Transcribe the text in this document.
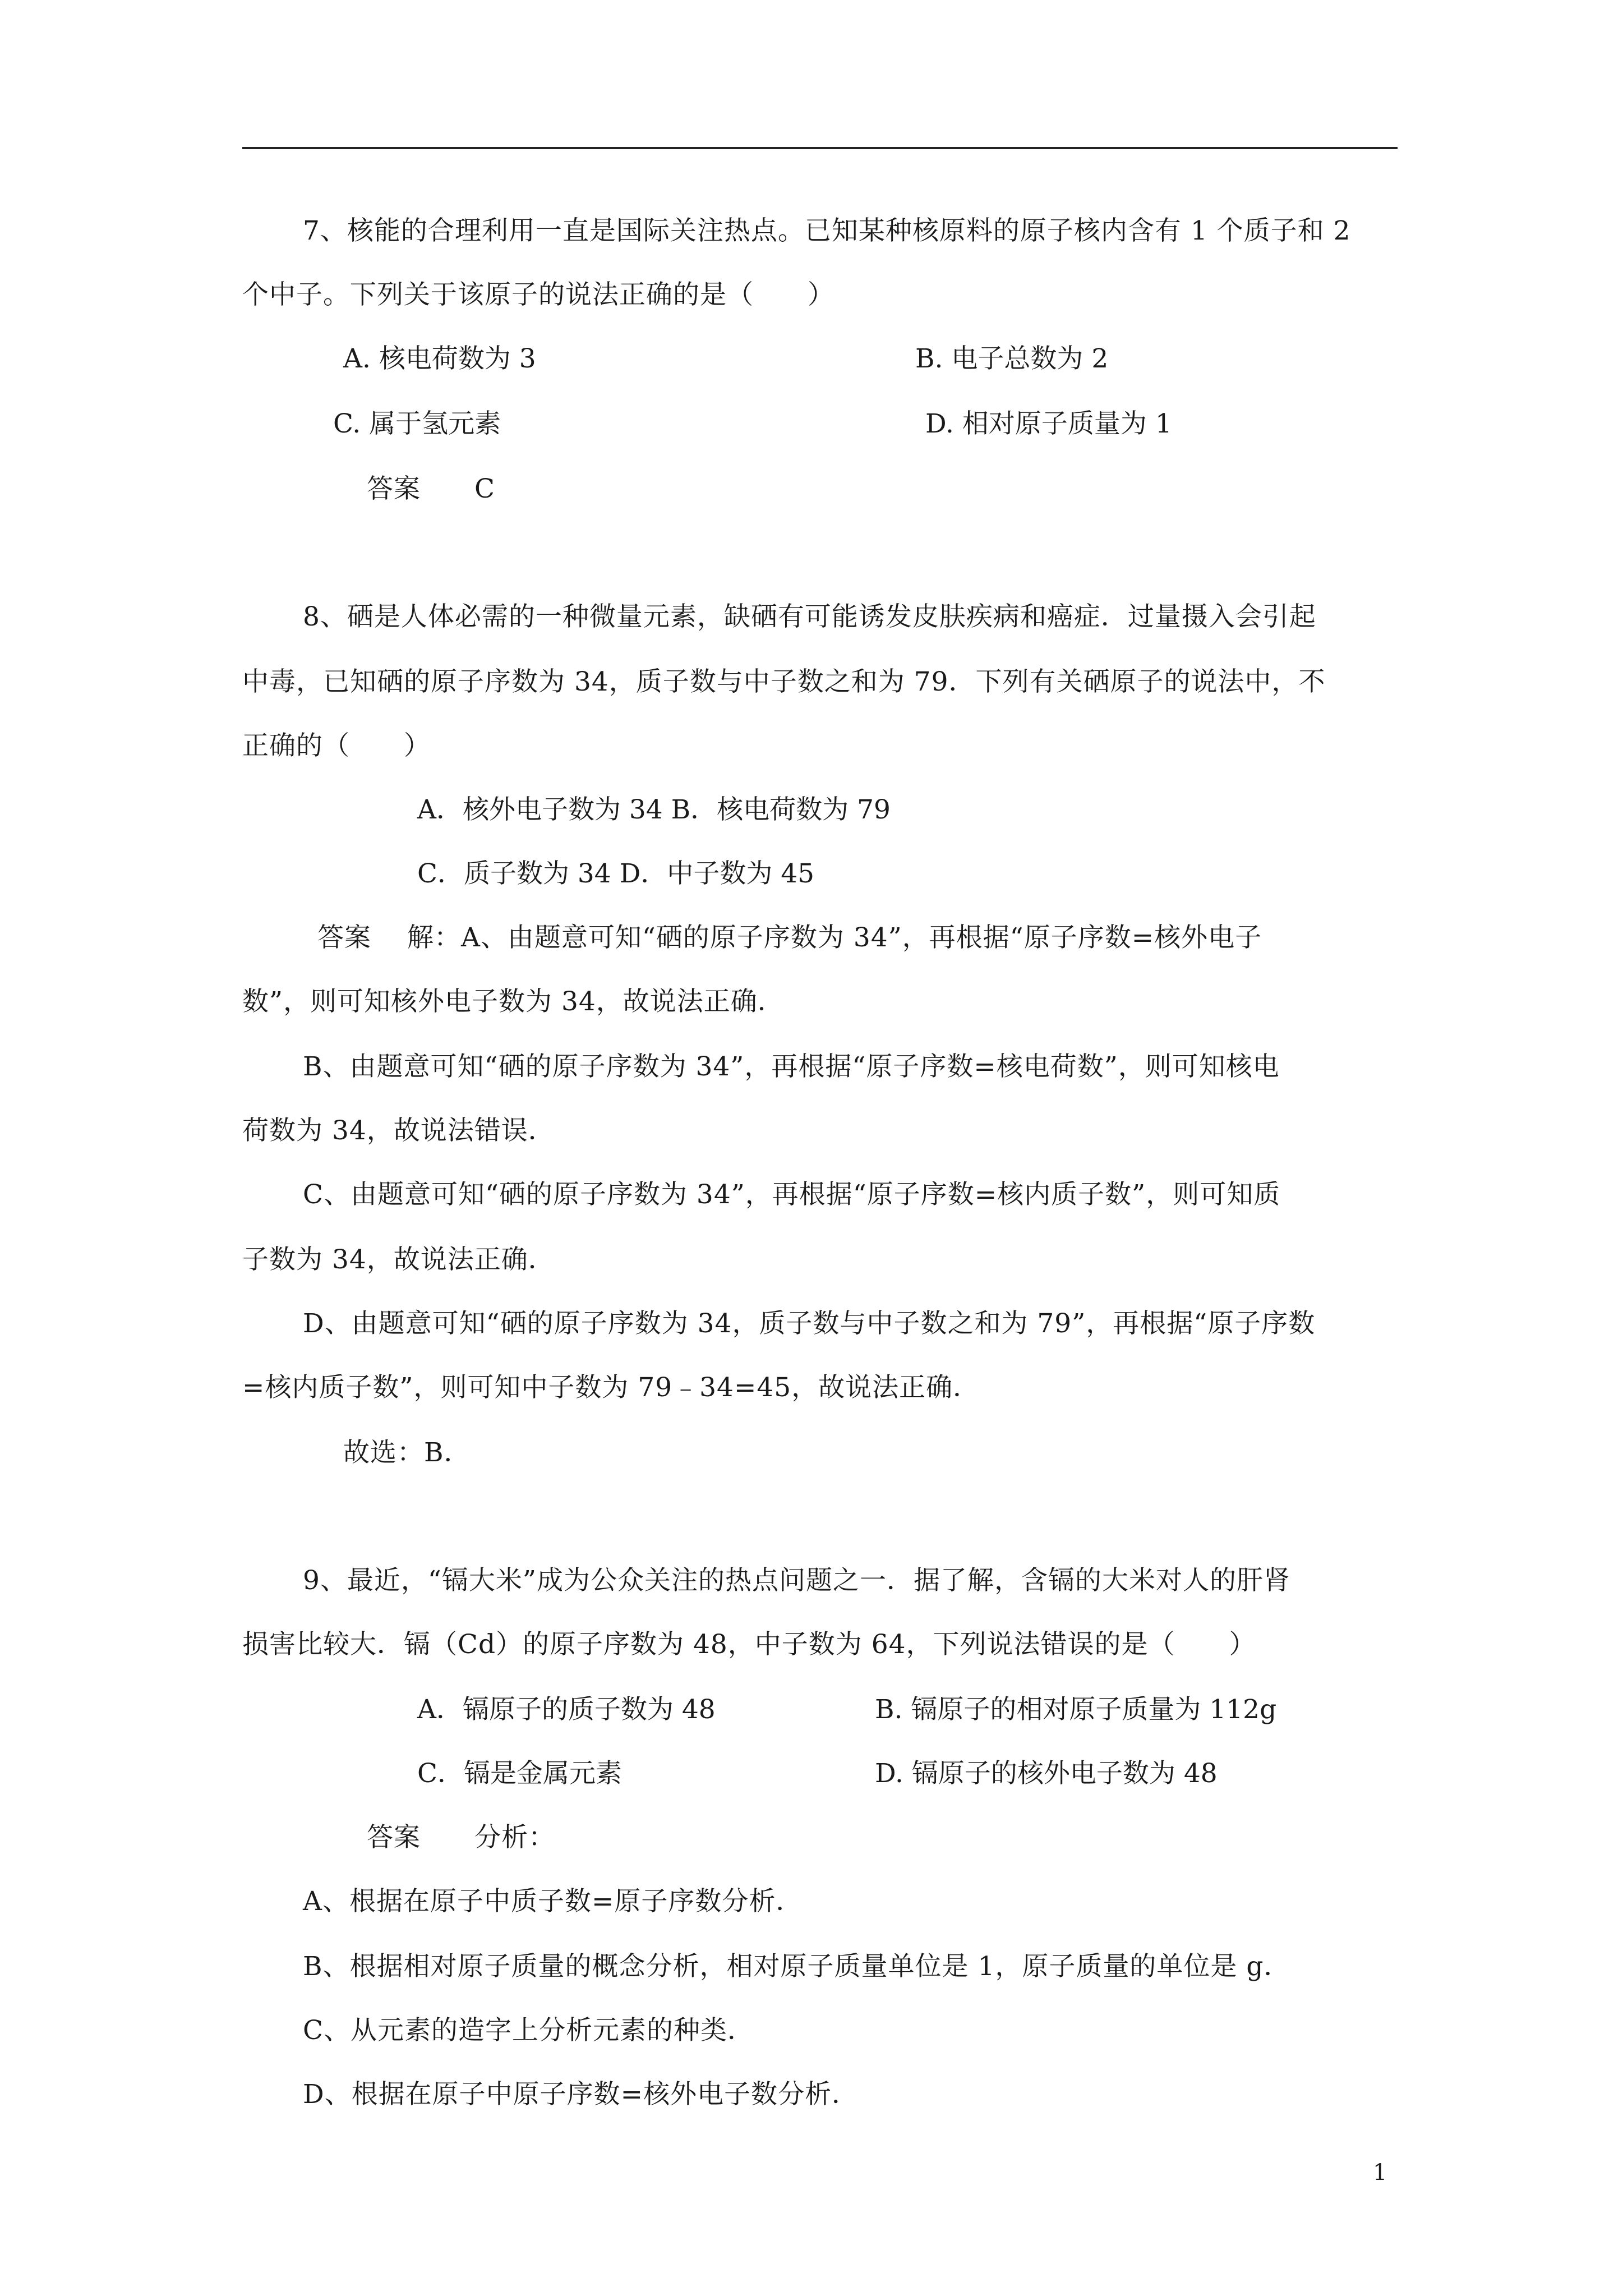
7、核能的合理利用一直是国际关注热点。已知某种核原料的原子核内含有 1 个质子和 2
个中子。下列关于该原子的说法正确的是（　　）
A. 核电荷数为 3	B. 电子总数为 2
C. 属于氢元素	D. 相对原子质量为 1
答案　　C
8、硒是人体必需的一种微量元素，缺硒有可能诱发皮肤疾病和癌症．过量摄入会引起
中毒，已知硒的原子序数为 34，质子数与中子数之和为 79．下列有关硒原子的说法中，不
正确的（　　）
A．核外电子数为 34 B．核电荷数为 79
C．质子数为 34 D．中子数为 45
答案　 解：A、由题意可知“硒的原子序数为 34”，再根据“原子序数=核外电子
数”，则可知核外电子数为 34，故说法正确．
B、由题意可知“硒的原子序数为 34”，再根据“原子序数=核电荷数”，则可知核电
荷数为 34，故说法错误．
C、由题意可知“硒的原子序数为 34”，再根据“原子序数=核内质子数”，则可知质
子数为 34，故说法正确．
D、由题意可知“硒的原子序数为 34，质子数与中子数之和为 79”，再根据“原子序数
=核内质子数”，则可知中子数为 79﹣34=45，故说法正确．
故选：B．
9、最近，“镉大米”成为公众关注的热点问题之一．据了解，含镉的大米对人的肝肾
损害比较大．镉（Cd）的原子序数为 48，中子数为 64，下列说法错误的是（　　）
A．镉原子的质子数为 48	B. 镉原子的相对原子质量为 112g
C．镉是金属元素	D. 镉原子的核外电子数为 48
答案　　分析：
A、根据在原子中质子数=原子序数分析．
B、根据相对原子质量的概念分析，相对原子质量单位是 1，原子质量的单位是 g．
C、从元素的造字上分析元素的种类．
D、根据在原子中原子序数=核外电子数分析．
1
